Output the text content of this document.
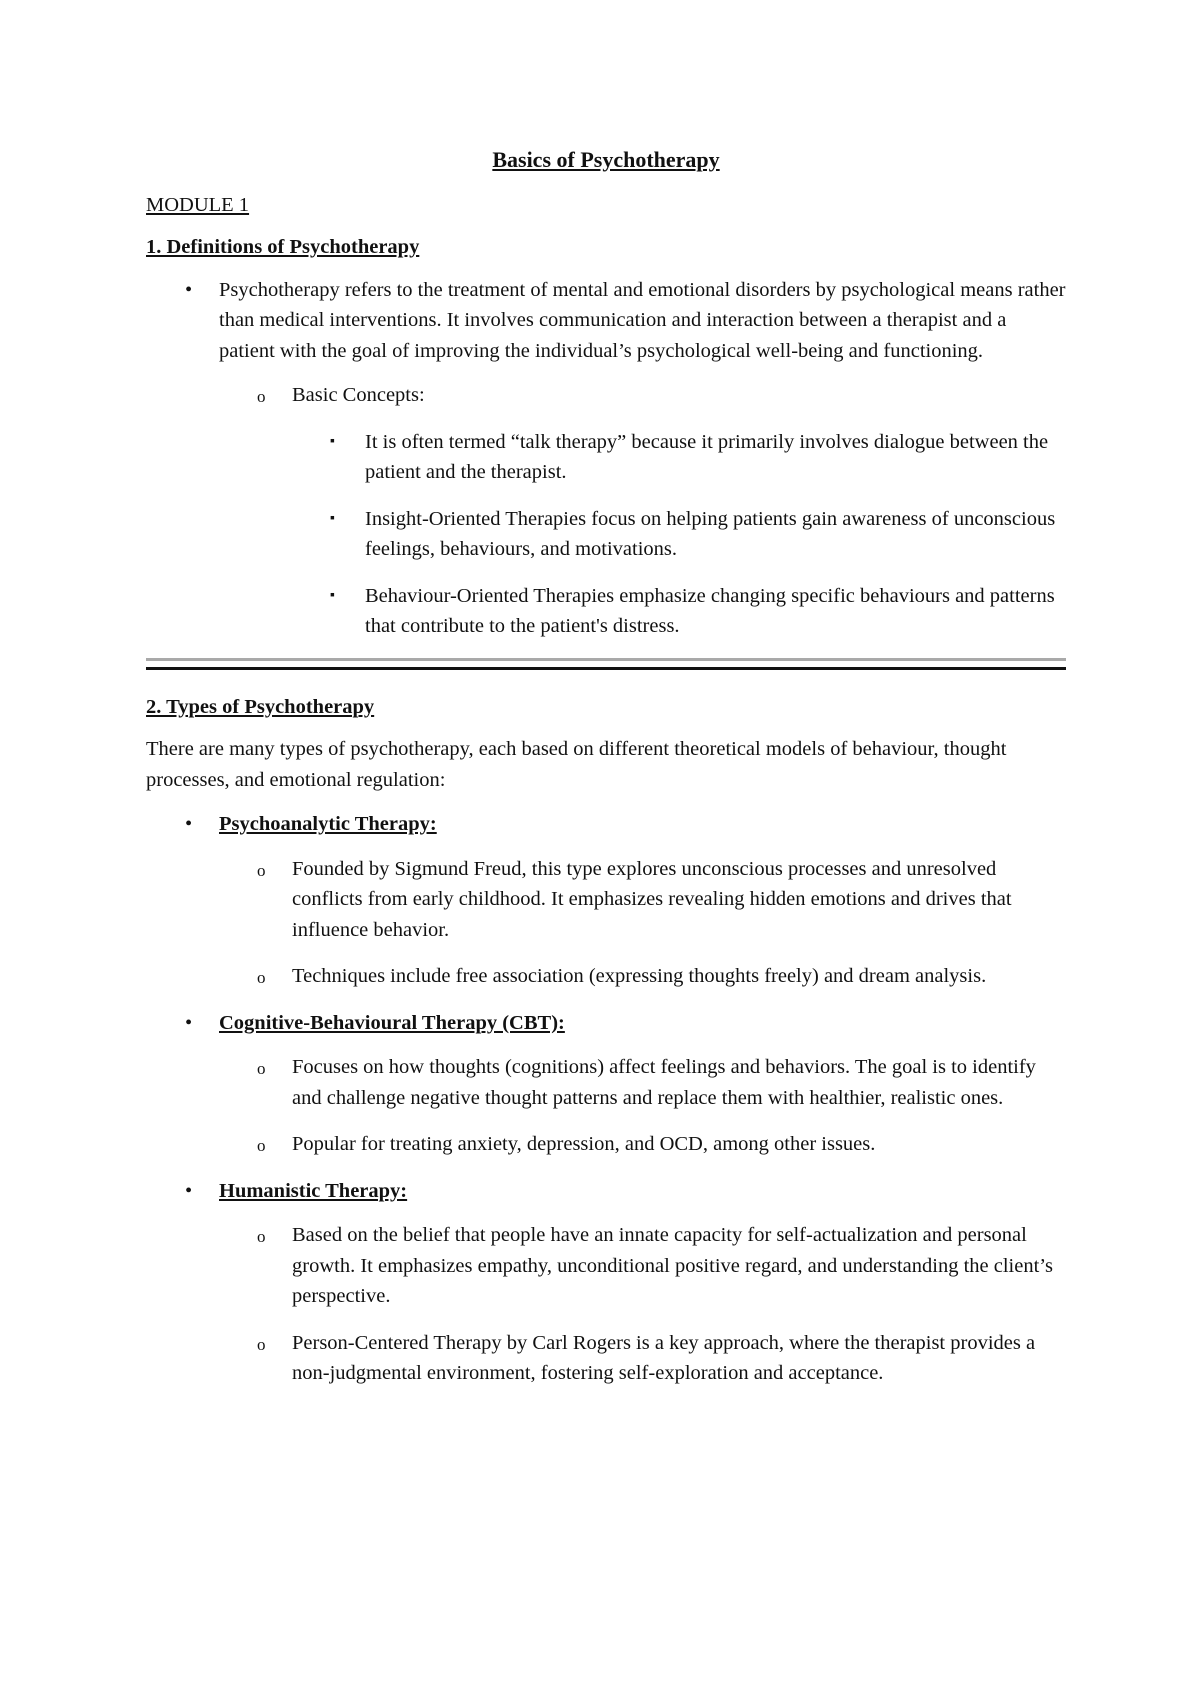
Basics of Psychotherapy
MODULE 1
1. Definitions of Psychotherapy
• Psychotherapy refers to the treatment of mental and emotional disorders by psychological means rather than medical interventions. It involves communication and interaction between a therapist and a patient with the goal of improving the individual’s psychological well-being and functioning.

o Basic Concepts:

▪ It is often termed “talk therapy” because it primarily involves dialogue between the patient and the therapist.

▪ Insight-Oriented Therapies focus on helping patients gain awareness of unconscious feelings, behaviours, and motivations.

▪ Behaviour-Oriented Therapies emphasize changing specific behaviours and patterns that contribute to the patient's distress.

2. Types of Psychotherapy

There are many types of psychotherapy, each based on different theoretical models of behaviour, thought processes, and emotional regulation:

• Psychoanalytic Therapy:
o Founded by Sigmund Freud, this type explores unconscious processes and unresolved conflicts from early childhood. It emphasizes revealing hidden emotions and drives that influence behavior.

o Techniques include free association (expressing thoughts freely) and dream analysis.

• Cognitive-Behavioural Therapy (CBT):
o Focuses on how thoughts (cognitions) affect feelings and behaviors. The goal is to identify and challenge negative thought patterns and replace them with healthier, realistic ones.

o Popular for treating anxiety, depression, and OCD, among other issues.

• Humanistic Therapy:
o Based on the belief that people have an innate capacity for self-actualization and personal growth. It emphasizes empathy, unconditional positive regard, and understanding the client’s perspective.

o Person-Centered Therapy by Carl Rogers is a key approach, where the therapist provides a non-judgmental environment, fostering self-exploration and acceptance.
